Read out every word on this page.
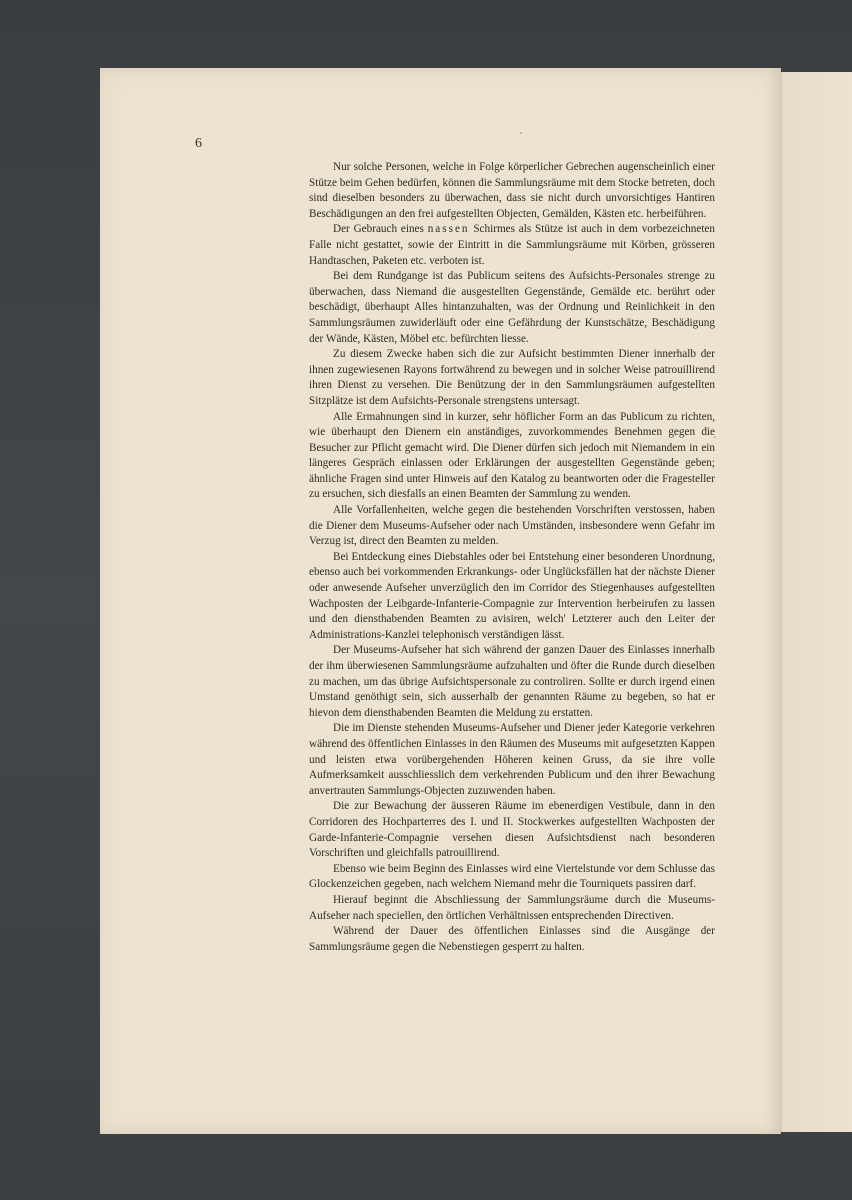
6

Nur solche Personen, welche in Folge körperlicher Gebrechen augenscheinlich einer Stütze beim Gehen bedürfen, können die Sammlungsräume mit dem Stocke betreten, doch sind dieselben besonders zu überwachen, dass sie nicht durch unvorsichtiges Hantiren Beschädigungen an den frei aufgestellten Objecten, Gemälden, Kästen etc. herbeiführen.

Der Gebrauch eines nassen Schirmes als Stütze ist auch in dem vorbezeichneten Falle nicht gestattet, sowie der Eintritt in die Sammlungsräume mit Körben, grösseren Handtaschen, Paketen etc. verboten ist.

Bei dem Rundgange ist das Publicum seitens des Aufsichts-Personales strenge zu überwachen, dass Niemand die ausgestellten Gegenstände, Gemälde etc. berührt oder beschädigt, überhaupt Alles hintanzuhalten, was der Ordnung und Reinlichkeit in den Sammlungsräumen zuwiderläuft oder eine Gefährdung der Kunstschätze, Beschädigung der Wände, Kästen, Möbel etc. befürchten liesse.

Zu diesem Zwecke haben sich die zur Aufsicht bestimmten Diener innerhalb der ihnen zugewiesenen Rayons fortwährend zu bewegen und in solcher Weise patrouillirend ihren Dienst zu versehen. Die Benützung der in den Sammlungsräumen aufgestellten Sitzplätze ist dem Aufsichts-Personale strengstens untersagt.

Alle Ermahnungen sind in kurzer, sehr höflicher Form an das Publicum zu richten, wie überhaupt den Dienern ein anständiges, zuvorkommendes Benehmen gegen die Besucher zur Pflicht gemacht wird. Die Diener dürfen sich jedoch mit Niemandem in ein längeres Gespräch einlassen oder Erklärungen der ausgestellten Gegenstände geben; ähnliche Fragen sind unter Hinweis auf den Katalog zu beantworten oder die Fragesteller zu ersuchen, sich diesfalls an einen Beamten der Sammlung zu wenden.

Alle Vorfallenheiten, welche gegen die bestehenden Vorschriften verstossen, haben die Diener dem Museums-Aufseher oder nach Umständen, insbesondere wenn Gefahr im Verzug ist, direct den Beamten zu melden.

Bei Entdeckung eines Diebstahles oder bei Entstehung einer besonderen Unordnung, ebenso auch bei vorkommenden Erkrankungs- oder Unglücksfällen hat der nächste Diener oder anwesende Aufseher unverzüglich den im Corridor des Stiegenhauses aufgestellten Wachposten der Leibgarde-Infanterie-Compagnie zur Intervention herbeirufen zu lassen und den diensthabenden Beamten zu avisiren, welch' Letzterer auch den Leiter der Administrations-Kanzlei telephonisch verständigen lässt.

Der Museums-Aufseher hat sich während der ganzen Dauer des Einlasses innerhalb der ihm überwiesenen Sammlungsräume aufzuhalten und öfter die Runde durch dieselben zu machen, um das übrige Aufsichtspersonale zu controliren. Sollte er durch irgend einen Umstand genöthigt sein, sich ausserhalb der genannten Räume zu begeben, so hat er hievon dem diensthabenden Beamten die Meldung zu erstatten.

Die im Dienste stehenden Museums-Aufseher und Diener jeder Kategorie verkehren während des öffentlichen Einlasses in den Räumen des Museums mit aufgesetzten Kappen und leisten etwa vorübergehenden Höheren keinen Gruss, da sie ihre volle Aufmerksamkeit ausschliesslich dem verkehrenden Publicum und den ihrer Bewachung anvertrauten Sammlungs-Objecten zuzuwenden haben.

Die zur Bewachung der äusseren Räume im ebenerdigen Vestibule, dann in den Corridoren des Hochparterres des I. und II. Stockwerkes aufgestellten Wachposten der Garde-Infanterie-Compagnie versehen diesen Aufsichtsdienst nach besonderen Vorschriften und gleichfalls patrouillirend.

Ebenso wie beim Beginn des Einlasses wird eine Viertelstunde vor dem Schlusse das Glockenzeichen gegeben, nach welchem Niemand mehr die Tourniquets passiren darf.

Hierauf beginnt die Abschliessung der Sammlungsräume durch die Museums-Aufseher nach speciellen, den örtlichen Verhältnissen entsprechenden Directiven.

Während der Dauer des öffentlichen Einlasses sind die Ausgänge der Sammlungsräume gegen die Nebenstiegen gesperrt zu halten.
